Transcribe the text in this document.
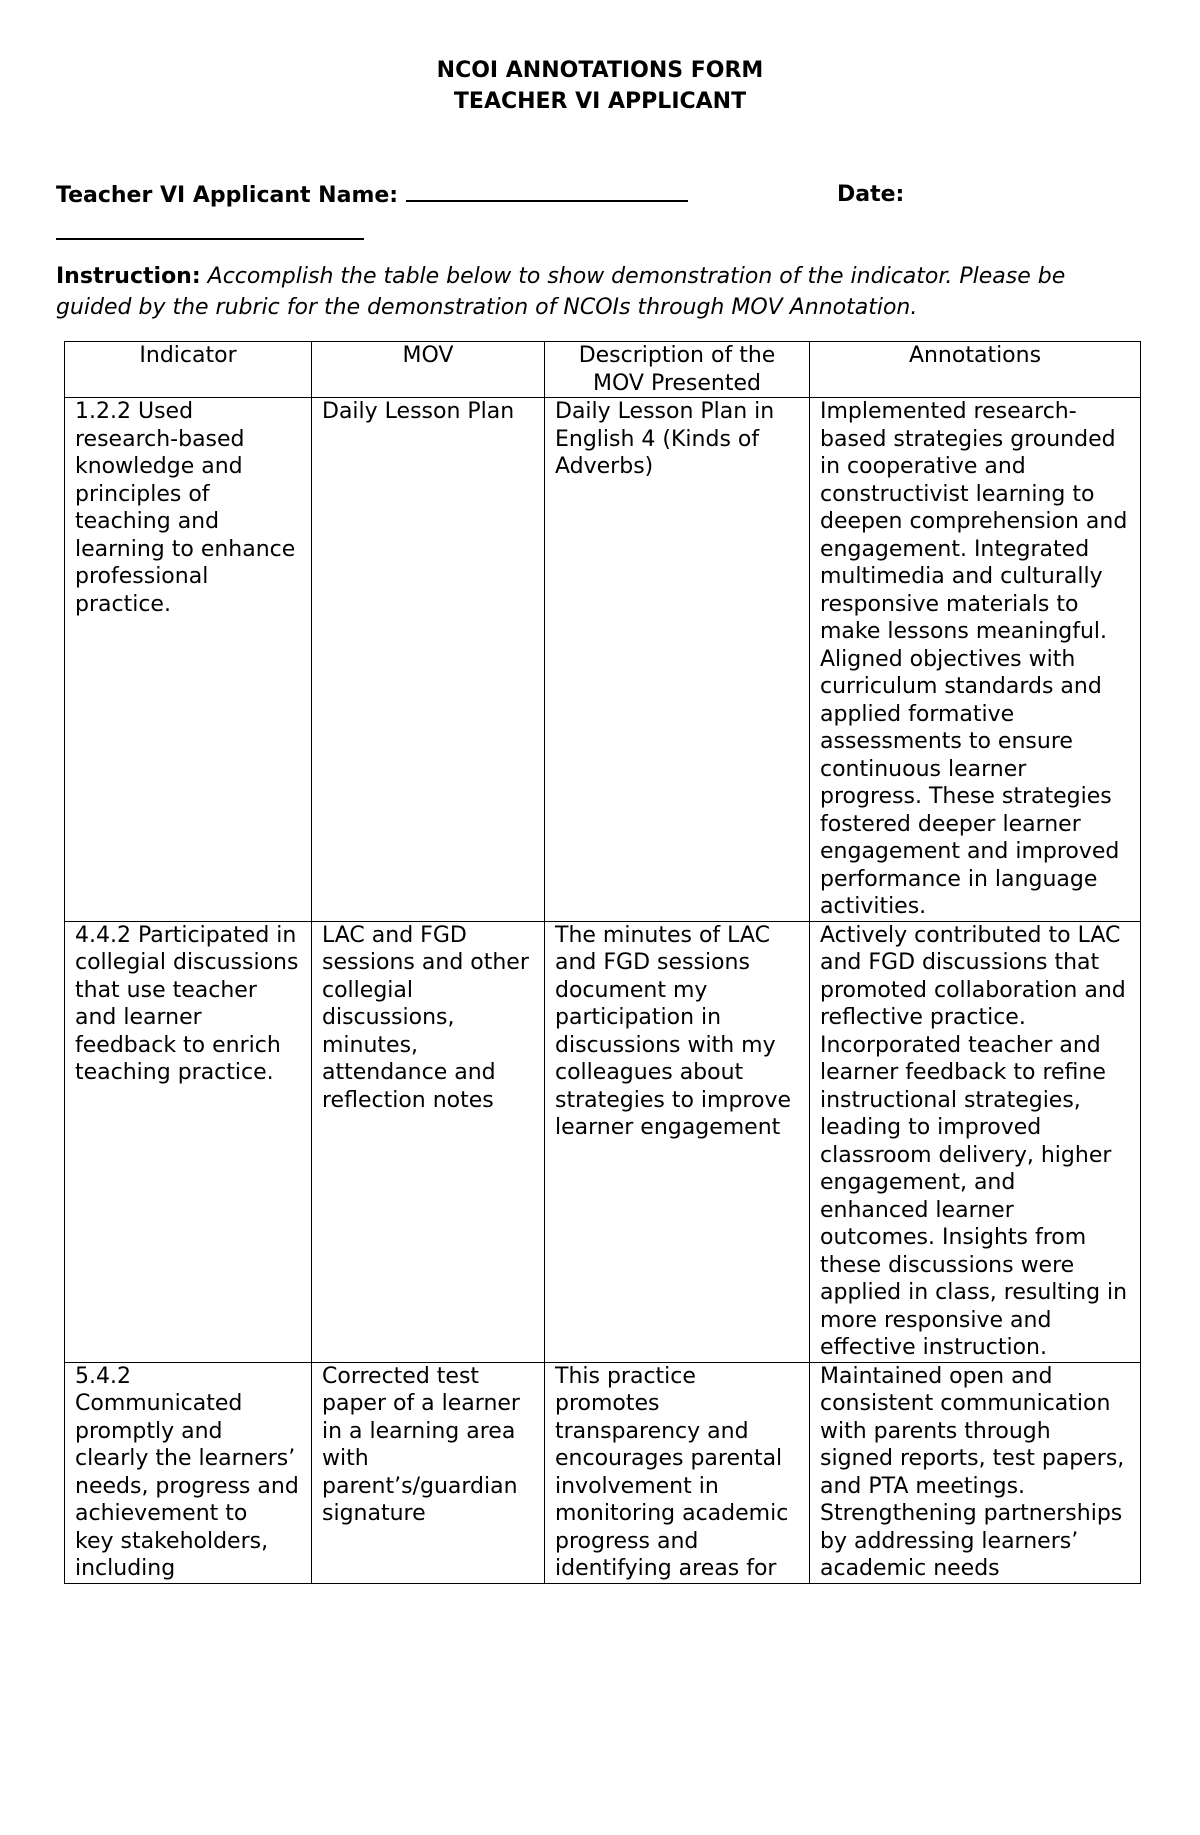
NCOI ANNOTATIONS FORM
TEACHER VI APPLICANT
Teacher VI Applicant Name:	Date:
Instruction: Accomplish the table below to show demonstration of the indicator. Please be guided by the rubric for the demonstration of NCOIs through MOV Annotation.
Indicator	MOV	Description of the MOV Presented	Annotations

1.2.2 Used research-based knowledge and principles of teaching and learning to enhance professional practice.	Daily Lesson Plan	Daily Lesson Plan in English 4 (Kinds of Adverbs)	Implemented research-based strategies grounded in cooperative and constructivist learning to deepen comprehension and engagement. Integrated multimedia and culturally responsive materials to make lessons meaningful. Aligned objectives with curriculum standards and applied formative assessments to ensure continuous learner progress. These strategies fostered deeper learner engagement and improved performance in language activities.

4.4.2 Participated in collegial discussions
that use teacher and learner feedback to enrich teaching practice.	LAC and FGD sessions and other collegial discussions, minutes, attendance and reflection notes	The minutes of LAC and FGD sessions document my participation in discussions with my colleagues about strategies to improve learner engagement	Actively contributed to LAC and FGD discussions that promoted collaboration and reflective practice. Incorporated teacher and learner feedback to refine instructional strategies, leading to improved classroom delivery, higher engagement, and enhanced learner outcomes. Insights from these discussions were applied in class, resulting in more responsive and effective instruction.

5.4.2 Communicated promptly and clearly the learners’
needs, progress and achievement to
key stakeholders, including	Corrected test paper of a learner in a learning area with parent’s/guardian signature	This practice promotes transparency and encourages parental involvement in monitoring academic progress and identifying areas for	Maintained open and consistent communication with parents through signed reports, test papers, and PTA meetings. Strengthening partnerships by addressing learners’ academic needs
